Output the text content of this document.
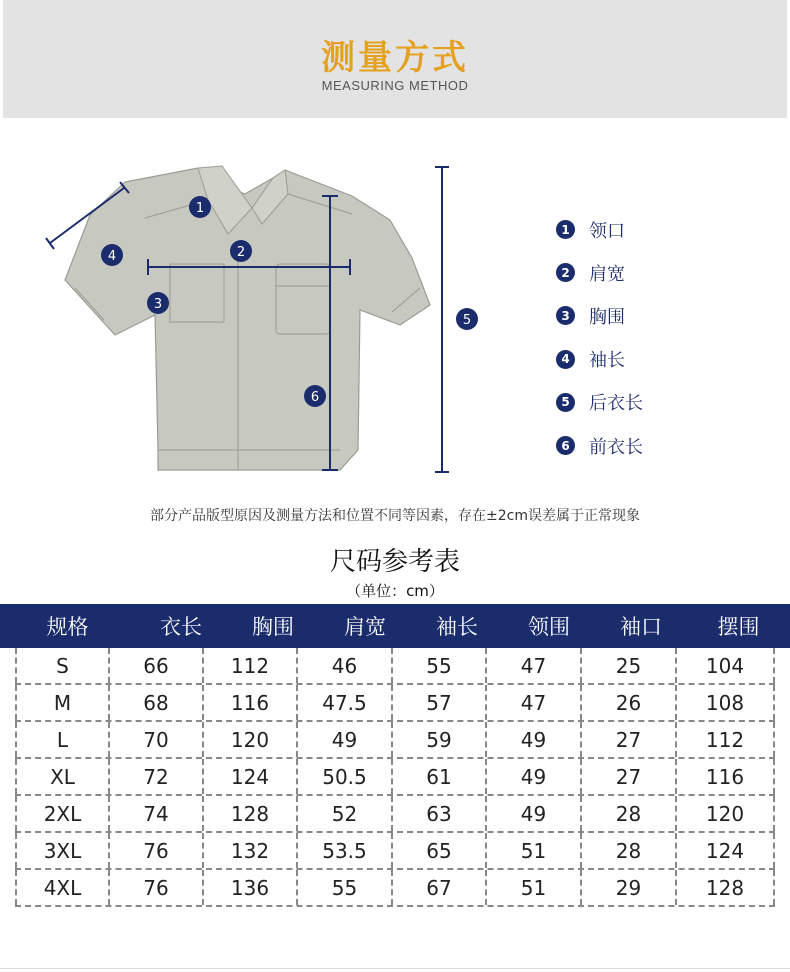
测量方式
MEASURING METHOD
1
2
3
4
5
6
1 领口
2 肩宽
3 胸围
4 袖长
5 后衣长
6 前衣长
部分产品版型原因及测量方法和位置不同等因素，存在±2cm误差属于正常现象
尺码参考表
（单位：cm）
规格	衣长	胸围	肩宽	袖长	领围	袖口	摆围
S	66	112	46	55	47	25	104
M	68	116	47.5	57	47	26	108
L	70	120	49	59	49	27	112
XL	72	124	50.5	61	49	27	116
2XL	74	128	52	63	49	28	120
3XL	76	132	53.5	65	51	28	124
4XL	76	136	55	67	51	29	128
